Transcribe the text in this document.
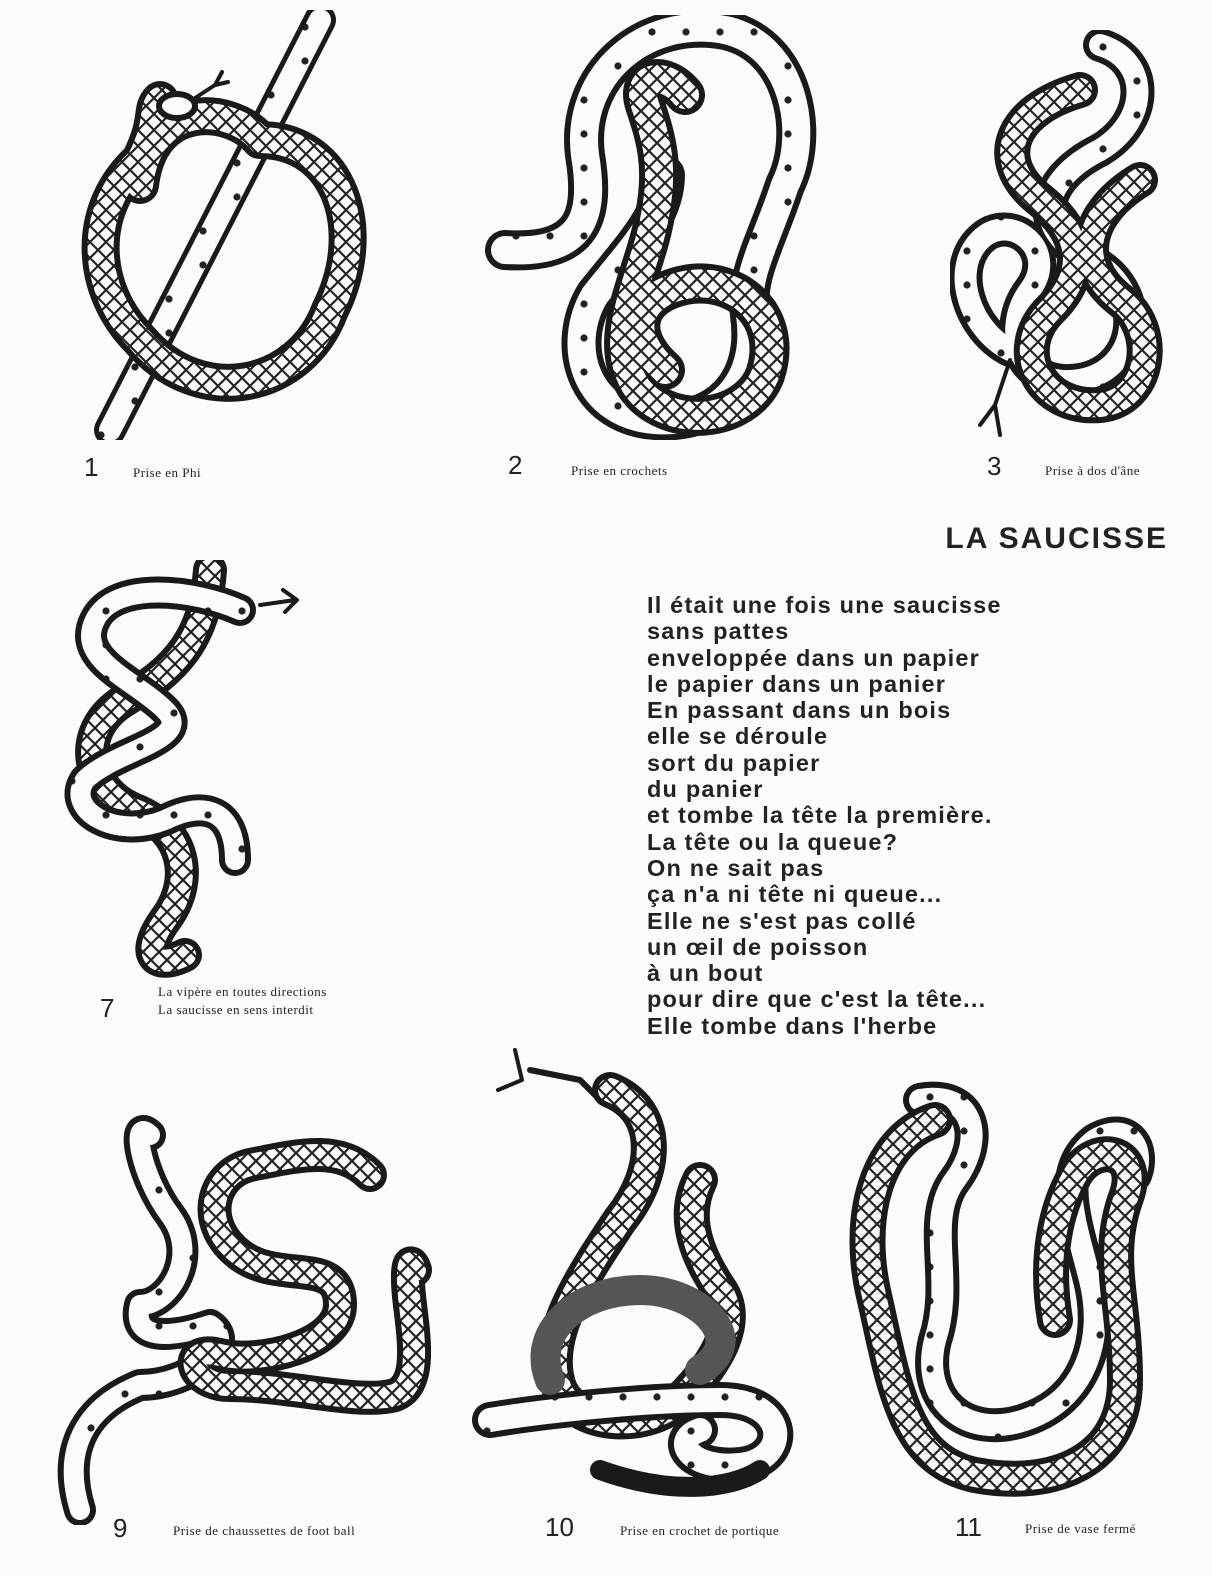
1	Prise en Phi	2	Prise en crochets	3	Prise à dos d'âne
LA SAUCISSE
Il était une fois une saucisse
sans pattes
enveloppée dans un papier
le papier dans un panier
En passant dans un bois
elle se déroule
sort du papier
du panier
et tombe la tête la première.
La tête ou la queue?
On ne sait pas
ça n'a ni tête ni queue...
Elle ne s'est pas collé
un œil de poisson
à un bout
pour dire que c'est la tête...
Elle tombe dans l'herbe
7
La vipère en toutes directions
La saucisse en sens interdit
9	Prise de chaussettes de foot ball	10	Prise en crochet de portique	11	Prise de vase fermé
